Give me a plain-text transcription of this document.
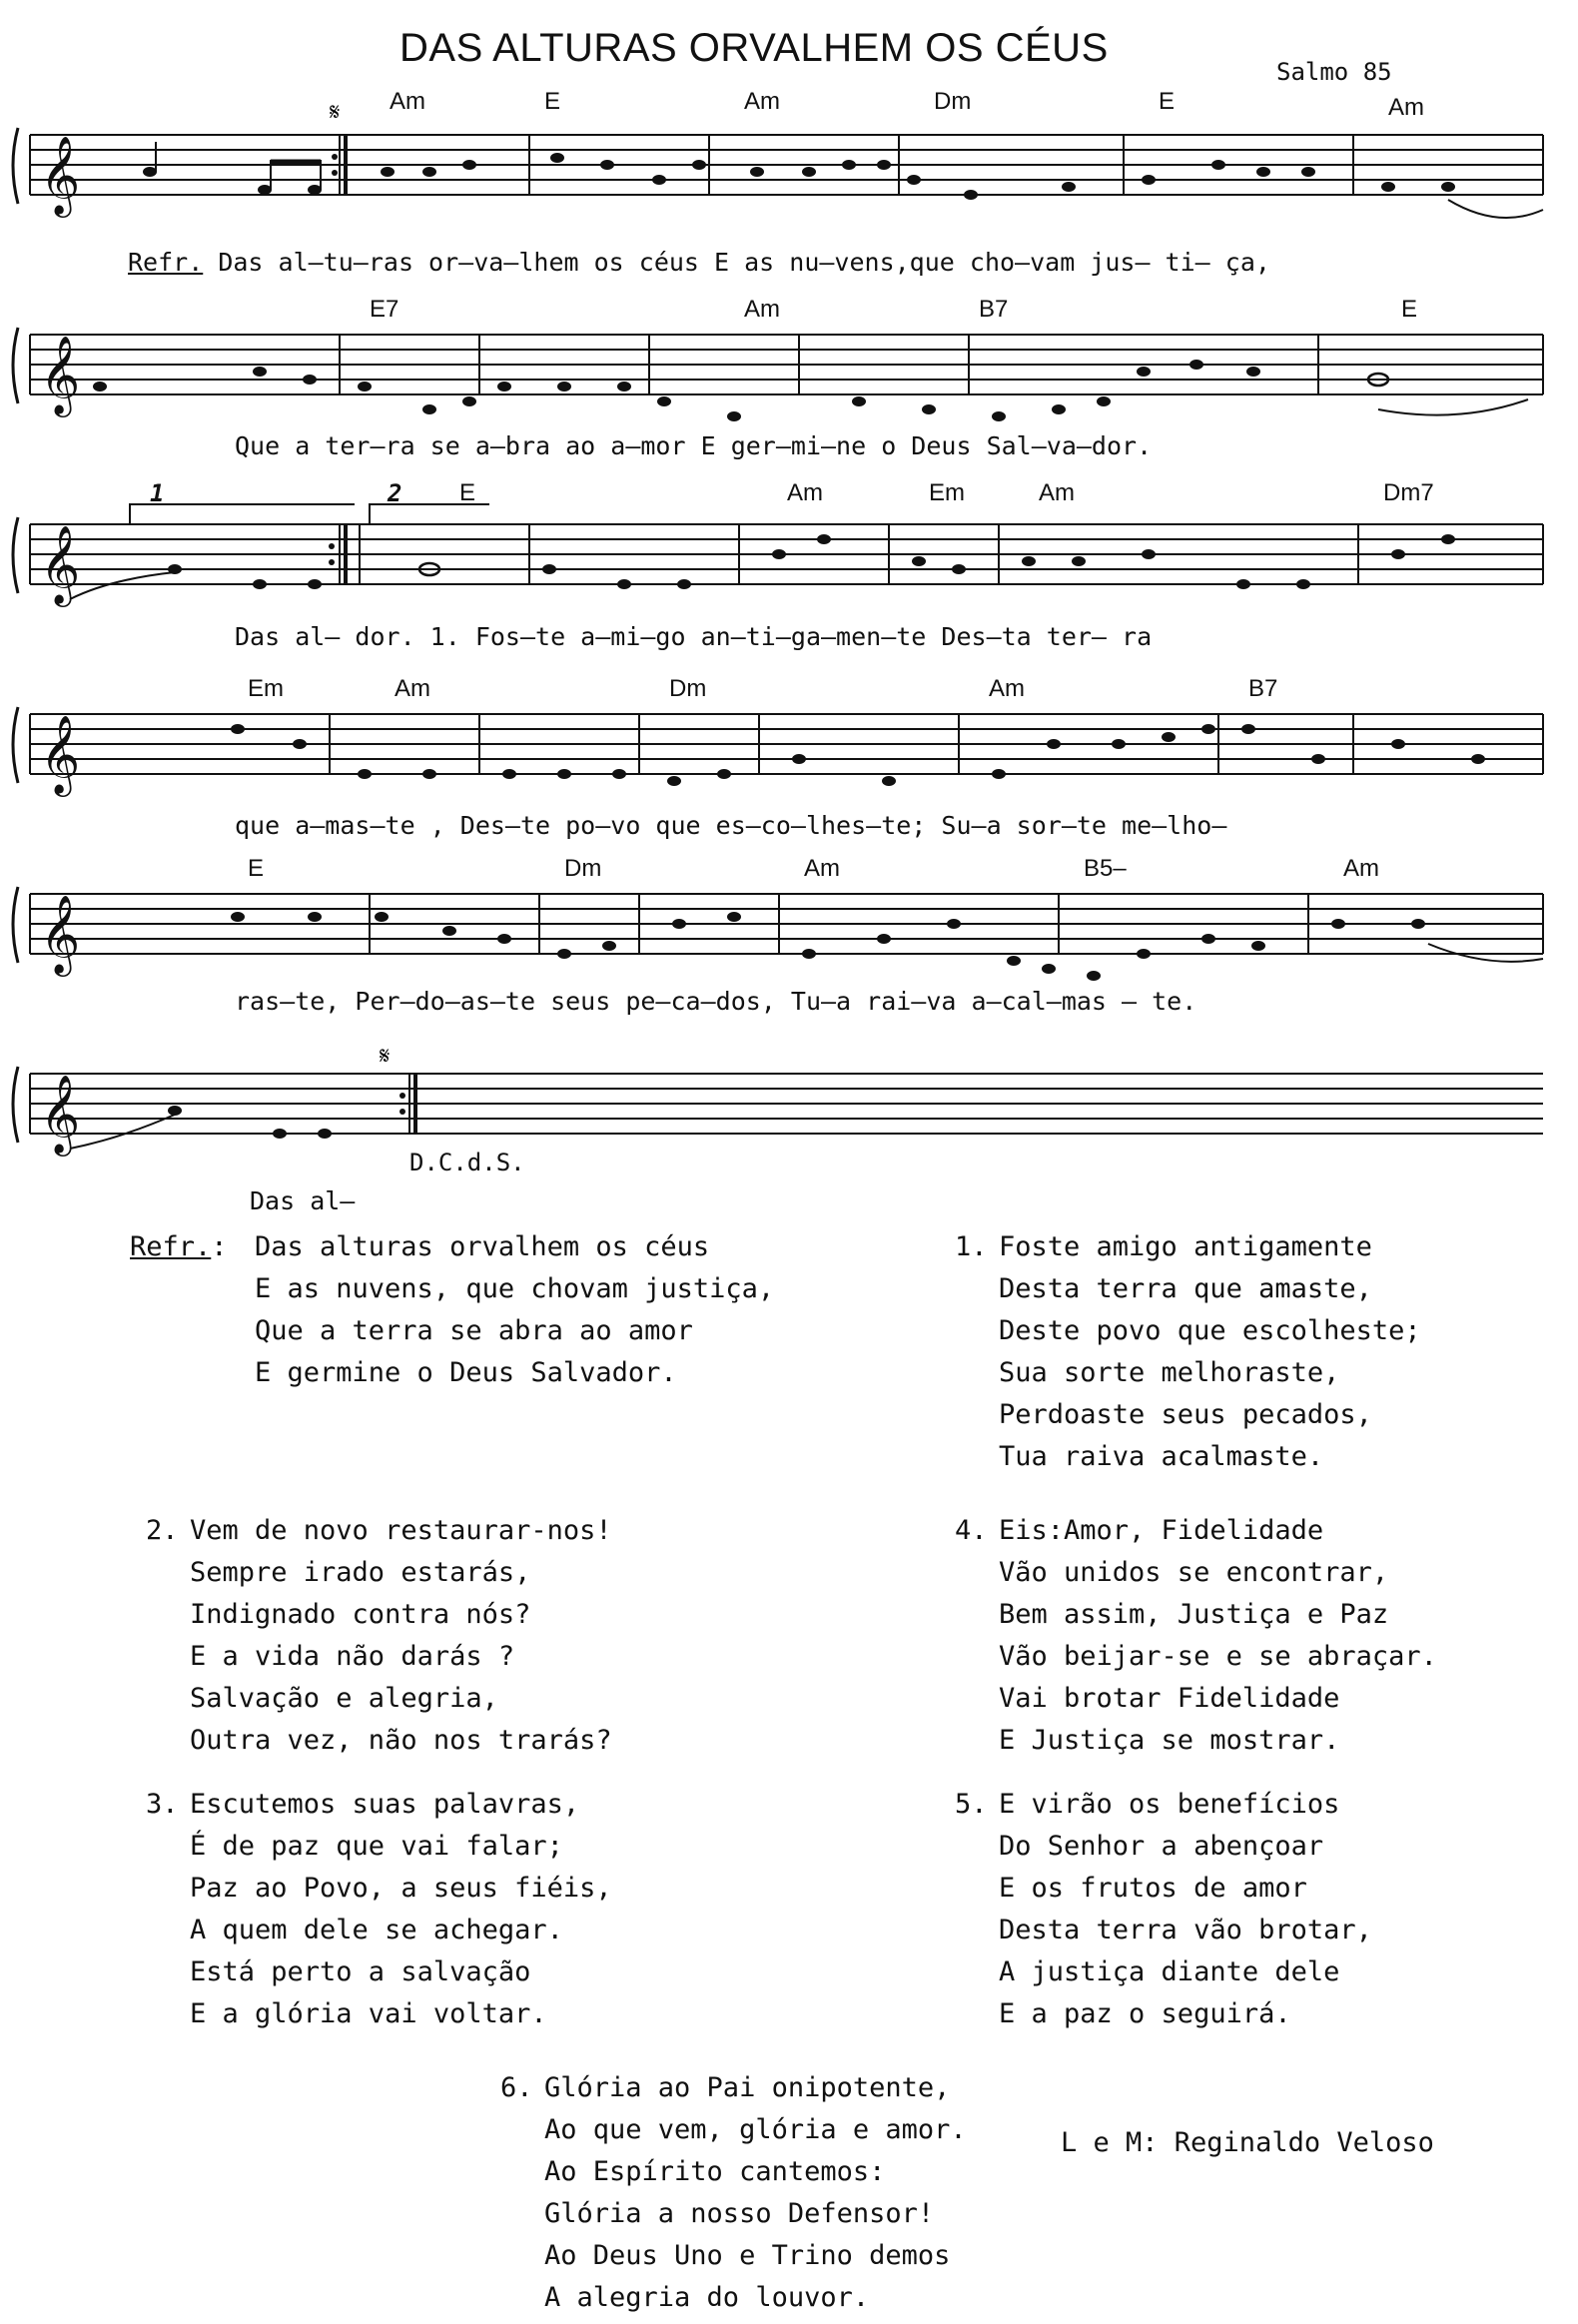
DAS ALTURAS ORVALHEM OS CÉUS
Salmo 85
Am	E	Am	Dm	E	Am
𝄞
𝄋
Refr. Das al–tu–ras or–va–lhem os céus E as nu–vens,que cho–vam jus– ti– ça,
E7	Am	B7	E
𝄞
Que a ter–ra se a–bra ao a–mor E ger–mi–ne o Deus Sal–va–dor.
1	2 E	Am	Em	Am	Dm7
𝄞
Das al– dor. 1. Fos–te a–mi–go an–ti–ga–men–te Des–ta ter– ra
Em	Am	Dm	Am	B7
𝄞
que a–mas–te , Des–te po–vo que es–co–lhes–te; Su–a sor–te me–lho–
E	Dm	Am	B5–	Am
𝄞
ras–te, Per–do–as–te seus pe–ca–dos, Tu–a rai–va a–cal–mas – te.
𝄋
𝄞
D.C.d.S.
Das al–
Refr.: Das alturas orvalhem os céus
E as nuvens, que chovam justiça,
Que a terra se abra ao amor
E germine o Deus Salvador.
1. Foste amigo antigamente
Desta terra que amaste,
Deste povo que escolheste;
Sua sorte melhoraste,
Perdoaste seus pecados,
Tua raiva acalmaste.
2. Vem de novo restaurar-nos!
Sempre irado estarás,
Indignado contra nós?
E a vida não darás ?
Salvação e alegria,
Outra vez, não nos trarás?
4. Eis:Amor, Fidelidade
Vão unidos se encontrar,
Bem assim, Justiça e Paz
Vão beijar-se e se abraçar.
Vai brotar Fidelidade
E Justiça se mostrar.
3. Escutemos suas palavras,
É de paz que vai falar;
Paz ao Povo, a seus fiéis,
A quem dele se achegar.
Está perto a salvação
E a glória vai voltar.
5. E virão os benefícios
Do Senhor a abençoar
E os frutos de amor
Desta terra vão brotar,
A justiça diante dele
E a paz o seguirá.
6. Glória ao Pai onipotente,
Ao que vem, glória e amor.
Ao Espírito cantemos:
Glória a nosso Defensor!
Ao Deus Uno e Trino demos
A alegria do louvor.
L e M: Reginaldo Veloso
